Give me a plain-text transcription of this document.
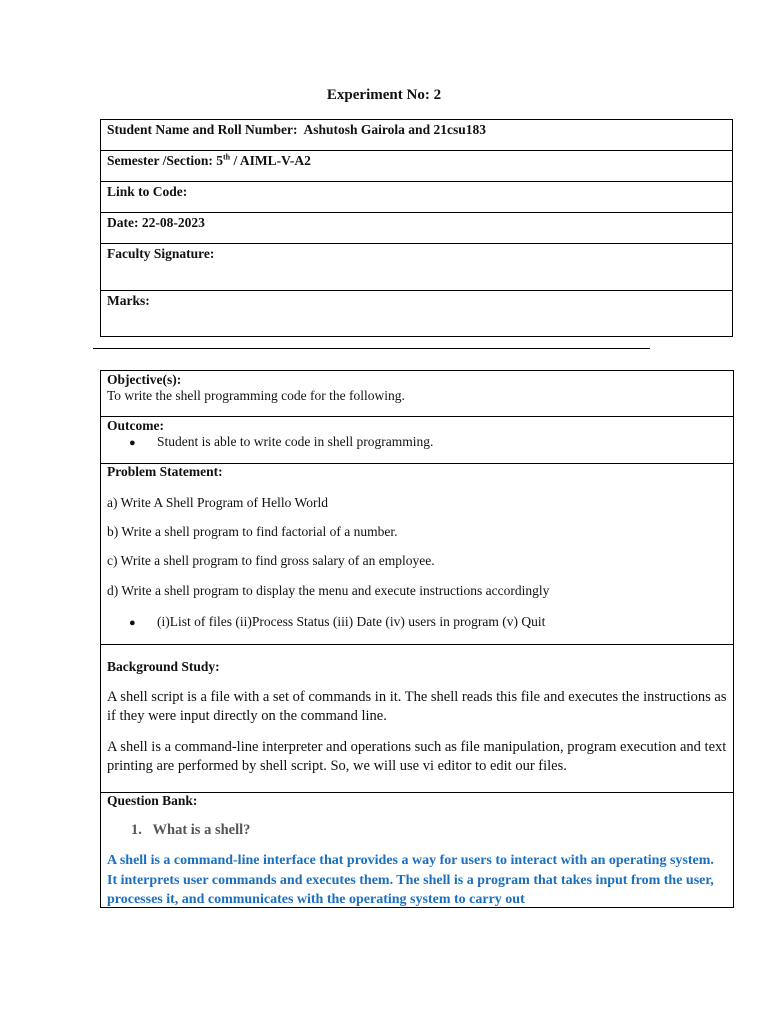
Experiment No: 2
Student Name and Roll Number: Ashutosh Gairola and 21csu183
Semester /Section: 5th / AIML-V-A2
Link to Code:
Date: 22-08-2023
Faculty Signature:
Marks:
Objective(s):
To write the shell programming code for the following.
Outcome:
●	Student is able to write code in shell programming.
Problem Statement:

a) Write A Shell Program of Hello World

b) Write a shell program to find factorial of a number.

c) Write a shell program to find gross salary of an employee.

d) Write a shell program to display the menu and execute instructions accordingly

●	(i)List of files (ii)Process Status (iii) Date (iv) users in program (v) Quit
Background Study:

A shell script is a file with a set of commands in it. The shell reads this file and executes the instructions as if they were input directly on the command line.

A shell is a command-line interpreter and operations such as file manipulation, program execution and text printing are performed by shell script. So, we will use vi editor to edit our files.

Question Bank:
1. What is a shell?
A shell is a command-line interface that provides a way for users to interact with an operating system. It interprets user commands and executes them. The shell is a program that takes input from the user, processes it, and communicates with the operating system to carry out
